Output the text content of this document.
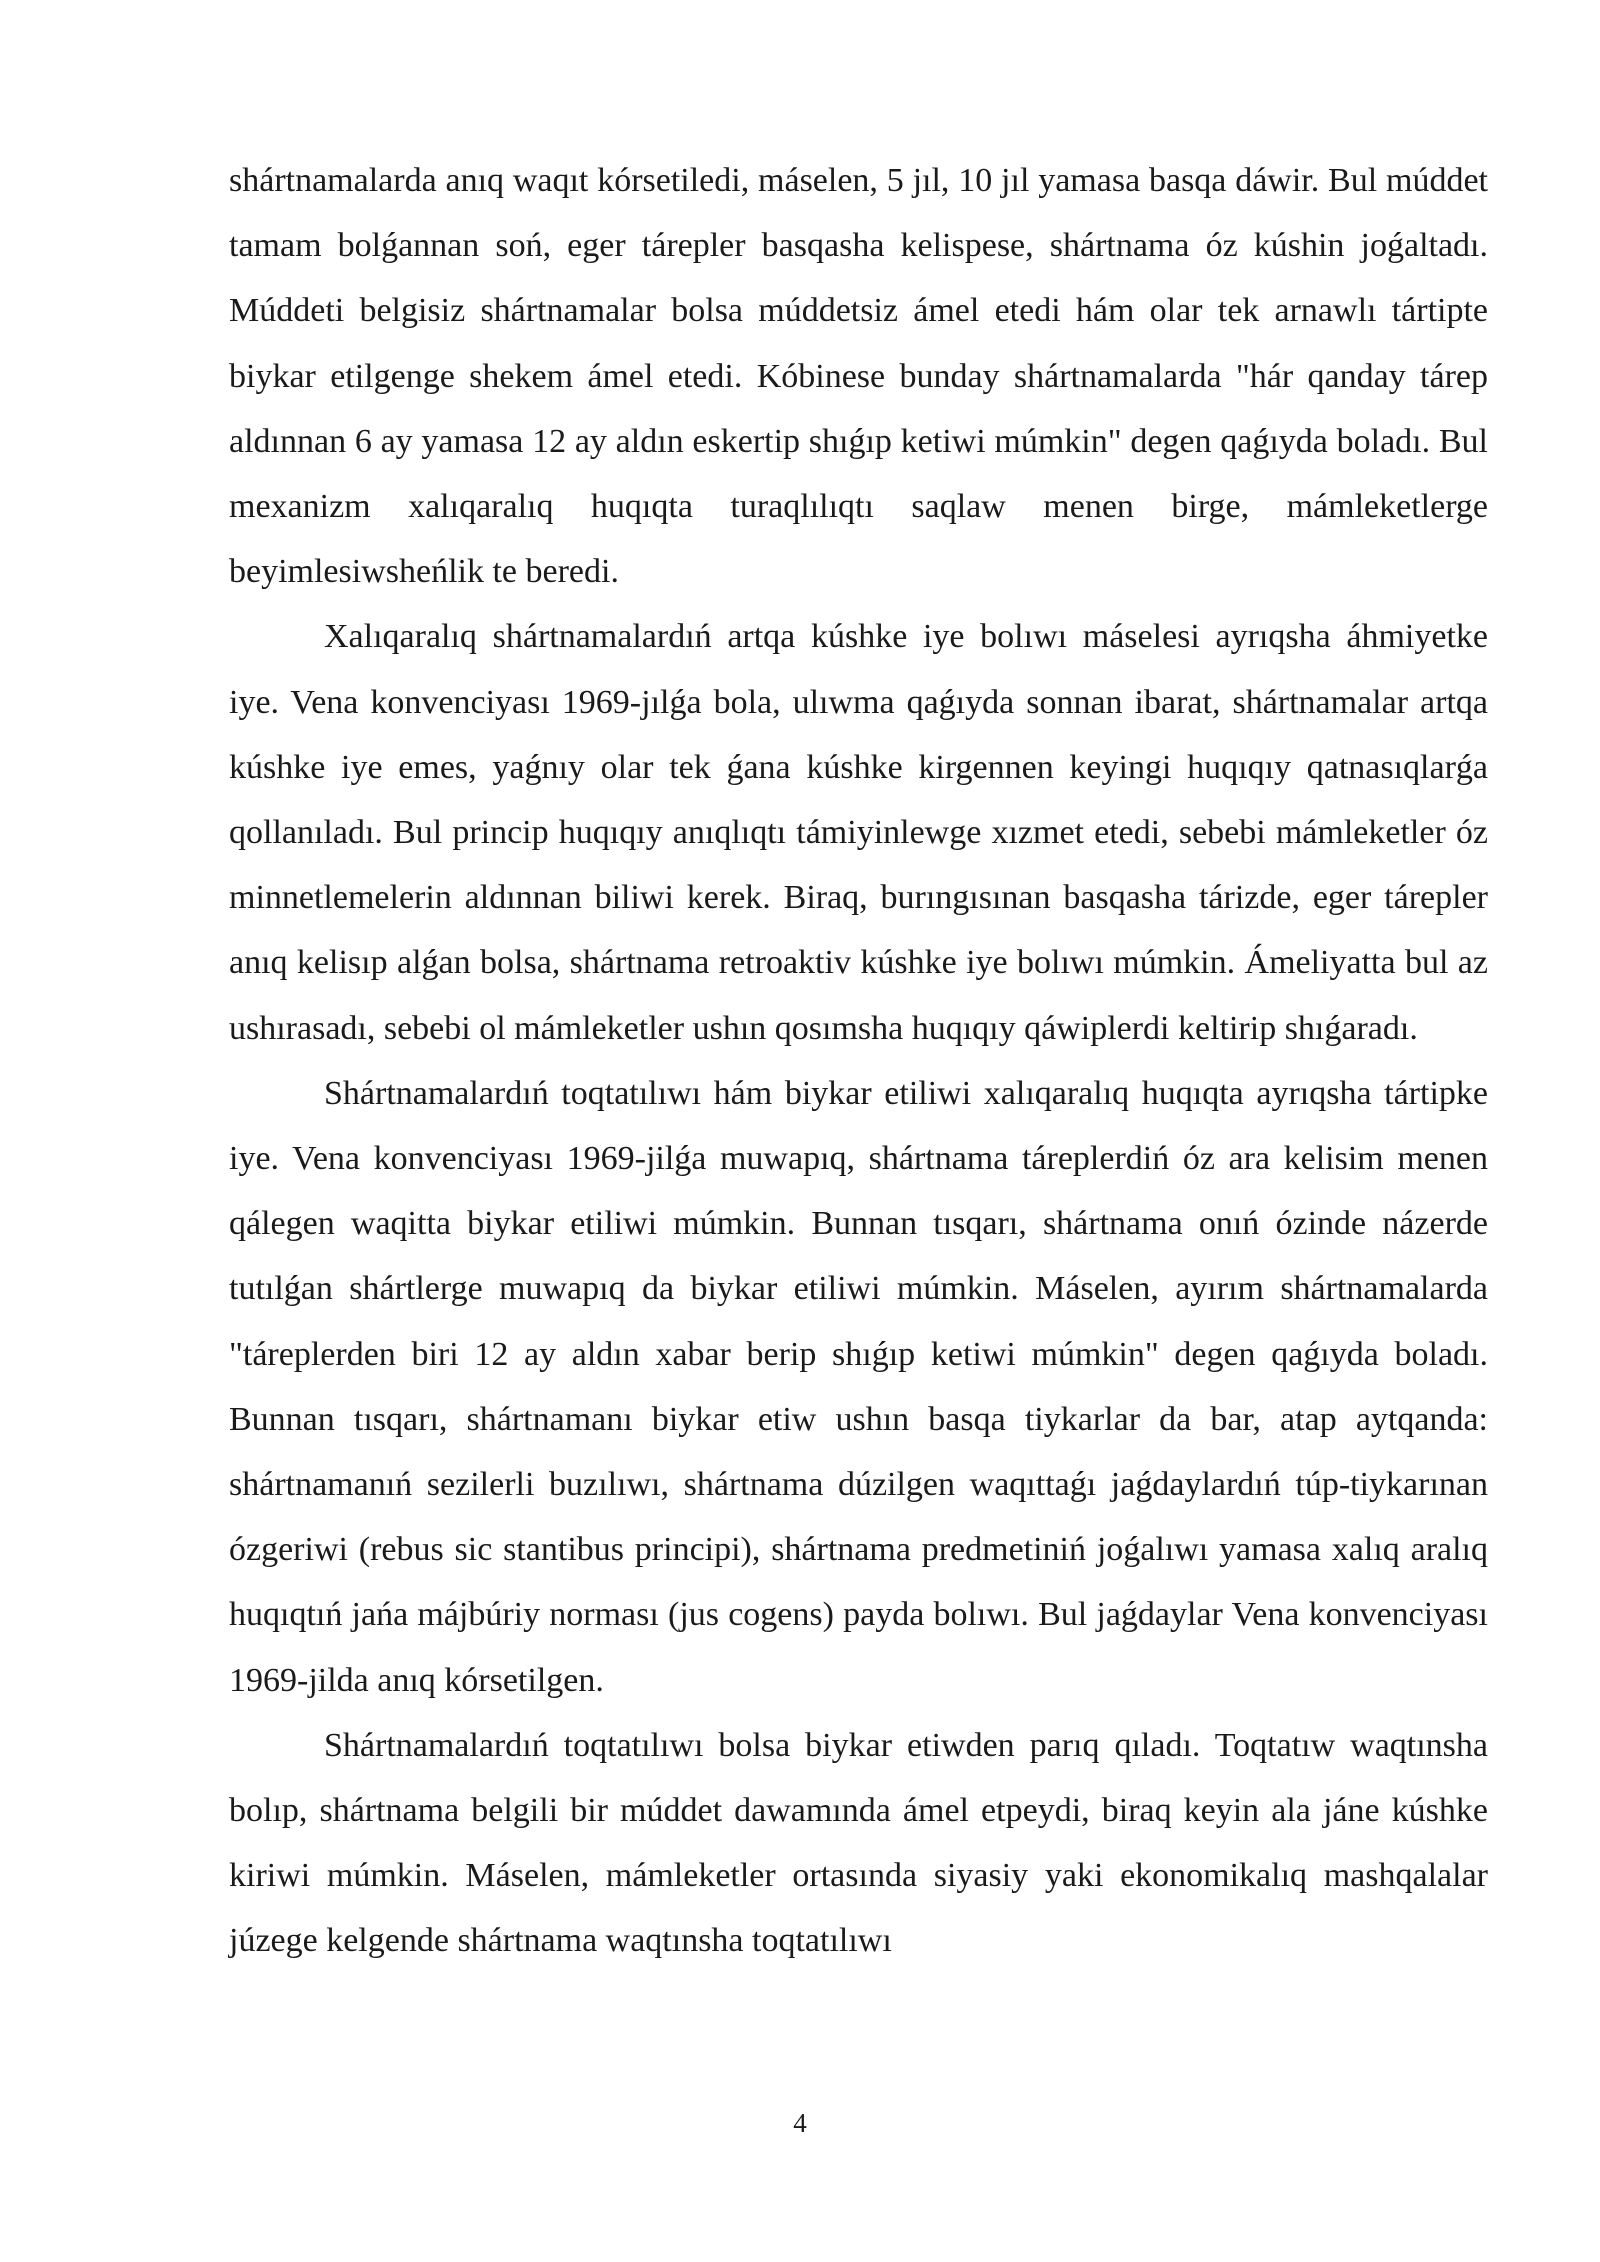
shártnamalarda anıq waqıt kórsetiledi, máselen, 5 jıl, 10 jıl yamasa basqa dáwir. Bul múddet tamam bolǵannan soń, eger tárepler basqasha kelispese, shártnama óz kúshin joǵaltadı. Múddeti belgisiz shártnamalar bolsa múddetsiz ámel etedi hám olar tek arnawlı tártipte biykar etilgenge shekem ámel etedi. Kóbinese bunday shártnamalarda "hár qanday tárep aldınnan 6 ay yamasa 12 ay aldın eskertip shıǵıp ketiwi múmkin" degen qaǵıyda boladı. Bul mexanizm xalıqaralıq huqıqta turaqlılıqtı saqlaw menen birge, mámleketlerge beyimlesiwsheńlik te beredi.

Xalıqaralıq shártnamalardıń artqa kúshke iye bolıwı máselesi ayrıqsha áhmiyetke iye. Vena konvenciyası 1969-jılǵa bola, ulıwma qaǵıyda sonnan ibarat, shártnamalar artqa kúshke iye emes, yaǵnıy olar tek ǵana kúshke kirgennen keyingi huqıqıy qatnasıqlarǵa qollanıladı. Bul princip huqıqıy anıqlıqtı támiyinlewge xızmet etedi, sebebi mámleketler óz minnetlemelerin aldınnan biliwi kerek. Biraq, burıngısınan basqasha tárizde, eger tárepler anıq kelisıp alǵan bolsa, shártnama retroaktiv kúshke iye bolıwı múmkin. Ámeliyatta bul az ushırasadı, sebebi ol mámleketler ushın qosımsha huqıqıy qáwiplerdi keltirip shıǵaradı.

Shártnamalardıń toqtatılıwı hám biykar etiliwi xalıqaralıq huqıqta ayrıqsha tártipke iye. Vena konvenciyası 1969-jilǵa muwapıq, shártnama táreplerdiń óz ara kelisim menen qálegen waqitta biykar etiliwi múmkin. Bunnan tısqarı, shártnama onıń ózinde názerde tutılǵan shártlerge muwapıq da biykar etiliwi múmkin. Máselen, ayırım shártnamalarda "táreplerden biri 12 ay aldın xabar berip shıǵıp ketiwi múmkin" degen qaǵıyda boladı. Bunnan tısqarı, shártnamanı biykar etiw ushın basqa tiykarlar da bar, atap aytqanda: shártnamanıń sezilerli buzılıwı, shártnama dúzilgen waqıttaǵı jaǵdaylardıń túp-tiykarınan ózgeriwi (rebus sic stantibus principi), shártnama predmetiniń joǵalıwı yamasa xalıq aralıq huqıqtıń jańa májbúriy norması (jus cogens) payda bolıwı. Bul jaǵdaylar Vena konvenciyası 1969-jilda anıq kórsetilgen.

Shártnamalardıń toqtatılıwı bolsa biykar etiwden parıq qıladı. Toqtatıw waqtınsha bolıp, shártnama belgili bir múddet dawamında ámel etpeydi, biraq keyin ala jáne kúshke kiriwi múmkin. Máselen, mámleketler ortasında siyasiy yaki ekonomikalıq mashqalalar júzege kelgende shártnama waqtınsha toqtatılıwı

4
